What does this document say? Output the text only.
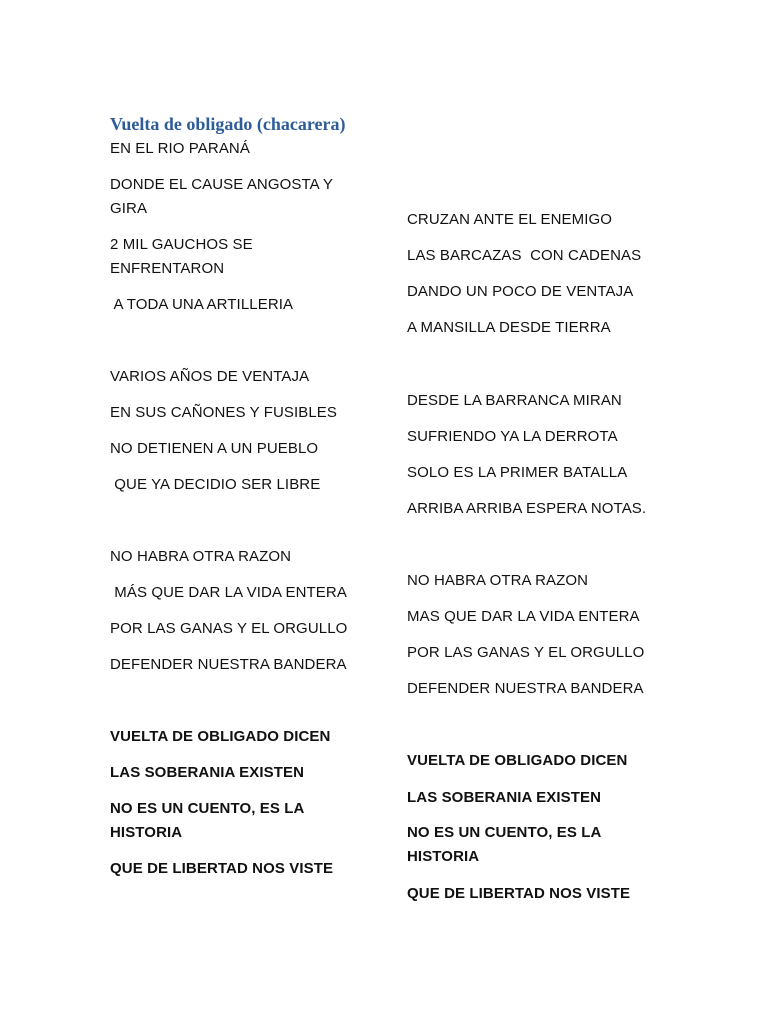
Vuelta de obligado (chacarera)
EN EL RIO PARANÁ
DONDE EL CAUSE ANGOSTA Y GIRA
2 MIL GAUCHOS SE ENFRENTARON
A TODA UNA ARTILLERIA
VARIOS AÑOS DE VENTAJA
EN SUS CAÑONES Y FUSIBLES
NO DETIENEN A UN PUEBLO
QUE YA DECIDIO SER LIBRE
NO HABRA OTRA RAZON
MÁS QUE DAR LA VIDA ENTERA
POR LAS GANAS Y EL ORGULLO
DEFENDER NUESTRA BANDERA
VUELTA DE OBLIGADO DICEN
LAS SOBERANIA EXISTEN
NO ES UN CUENTO, ES LA HISTORIA
QUE DE LIBERTAD NOS VISTE
CRUZAN ANTE EL ENEMIGO
LAS BARCAZAS  CON CADENAS
DANDO UN POCO DE VENTAJA
A MANSILLA DESDE TIERRA
DESDE LA BARRANCA MIRAN
SUFRIENDO YA LA DERROTA
SOLO ES LA PRIMER BATALLA
ARRIBA ARRIBA ESPERA NOTAS.
NO HABRA OTRA RAZON
MAS QUE DAR LA VIDA ENTERA
POR LAS GANAS Y EL ORGULLO
DEFENDER NUESTRA BANDERA
VUELTA DE OBLIGADO DICEN
LAS SOBERANIA EXISTEN
NO ES UN CUENTO, ES LA HISTORIA
QUE DE LIBERTAD NOS VISTE
